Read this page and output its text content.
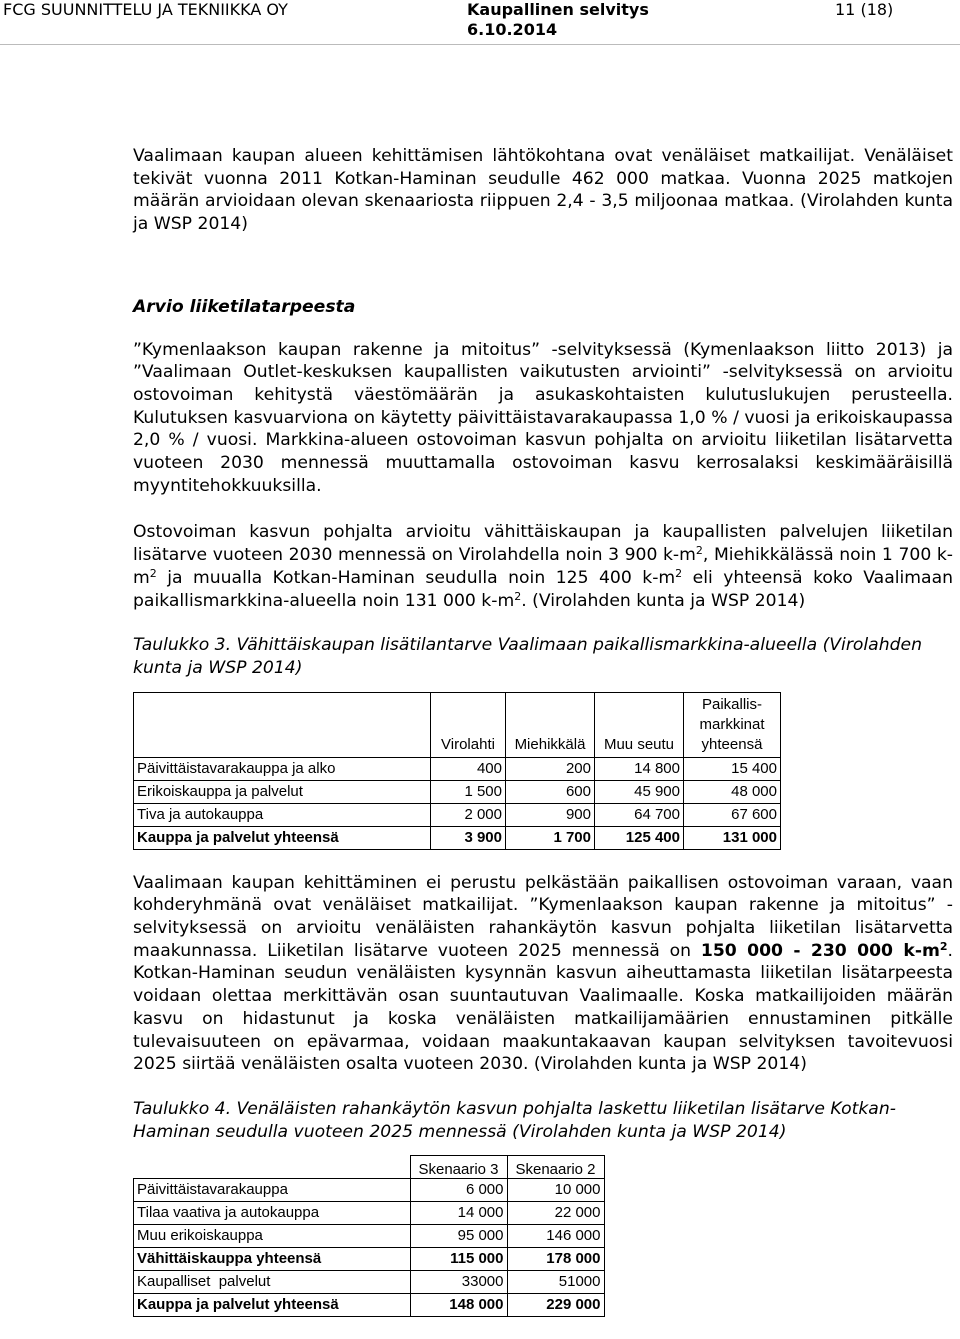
FCG SUUNNITTELU JA TEKNIIKKA OY	Kaupallinen selvitys
6.10.2014
11 (18)

Vaalimaan kaupan alueen kehittämisen lähtökohtana ovat venäläiset matkailijat. Venäläiset tekivät vuonna 2011 Kotkan-Haminan seudulle 462 000 matkaa. Vuonna 2025 matkojen määrän arvioidaan olevan skenaariosta riippuen 2,4 - 3,5 miljoonaa matkaa. (Virolahden kunta ja WSP 2014)

Arvio liiketilatarpeesta

”Kymenlaakson kaupan rakenne ja mitoitus” -selvityksessä (Kymenlaakson liitto 2013) ja ”Vaalimaan Outlet-keskuksen kaupallisten vaikutusten arviointi” -selvityksessä on arvioitu ostovoiman kehitystä väestömäärän ja asukaskohtaisten kulutuslukujen perusteella. Kulutuksen kasvuarviona on käytetty päivittäistavarakaupassa 1,0 % / vuosi ja erikoiskaupassa 2,0 % / vuosi. Markkina-alueen ostovoiman kasvun pohjalta on arvioitu liiketilan lisätarvetta vuoteen 2030 mennessä muuttamalla ostovoiman kasvu kerrosalaksi keskimääräisillä myyntitehokkuuksilla.

Ostovoiman kasvun pohjalta arvioitu vähittäiskaupan ja kaupallisten palvelujen liiketilan lisätarve vuoteen 2030 mennessä on Virolahdella noin 3 900 $k-m^2$, Miehikkälässä noin 1 700 $k-m^2$ ja muualla Kotkan-Haminan seudulla noin 125 400 $k-m^2$ eli yhteensä koko Vaalimaan paikallismarkkina-alueella noin 131 000 $k-m^2$. (Virolahden kunta ja WSP 2014)

Taulukko 3. Vähittäiskaupan lisätilantarve Vaalimaan paikallismarkkina-alueella (Virolahden kunta ja WSP 2014)

	Virolahti	Miehikkälä	Muu seutu	Paikallis-
markkinat
yhteensä

Päivittäistavarakauppa ja alko	400	200	14 800	15 400
Erikoiskauppa ja palvelut	1 500	600	45 900	48 000
Tiva ja autokauppa	2 000	900	64 700	67 600
Kauppa ja palvelut yhteensä	3 900	1 700	125 400	131 000

Vaalimaan kaupan kehittäminen ei perustu pelkästään paikallisen ostovoiman varaan, vaan kohderyhmänä ovat venäläiset matkailijat. ”Kymenlaakson kaupan rakenne ja mitoitus” -selvityksessä on arvioitu venäläisten rahankäytön kasvun pohjalta liiketilan lisätarvetta maakunnassa. Liiketilan lisätarve vuoteen 2025 mennessä on 150 000 - 230 000 $k-m^2$. Kotkan-Haminan seudun venäläisten kysynnän kasvun aiheuttamasta liiketilan lisätarpeesta voidaan olettaa merkittävän osan suuntautuvan Vaalimaalle. Koska matkailijoiden määrän kasvu on hidastunut ja koska venäläisten matkailijamäärien ennustaminen pitkälle tulevaisuuteen on epävarmaa, voidaan maakuntakaavan kaupan selvityksen tavoitevuosi 2025 siirtää venäläisten osalta vuoteen 2030. (Virolahden kunta ja WSP 2014)

Taulukko 4. Venäläisten rahankäytön kasvun pohjalta laskettu liiketilan lisätarve Kotkan-Haminan seudulla vuoteen 2025 mennessä (Virolahden kunta ja WSP 2014)

	Skenaario 3	Skenaario 2
Päivittäistavarakauppa	6 000	10 000
Tilaa vaativa ja autokauppa	14 000	22 000
Muu erikoiskauppa	95 000	146 000
Vähittäiskauppa yhteensä	115 000	178 000
Kaupalliset  palvelut	33000	51000
Kauppa ja palvelut yhteensä	148 000	229 000
